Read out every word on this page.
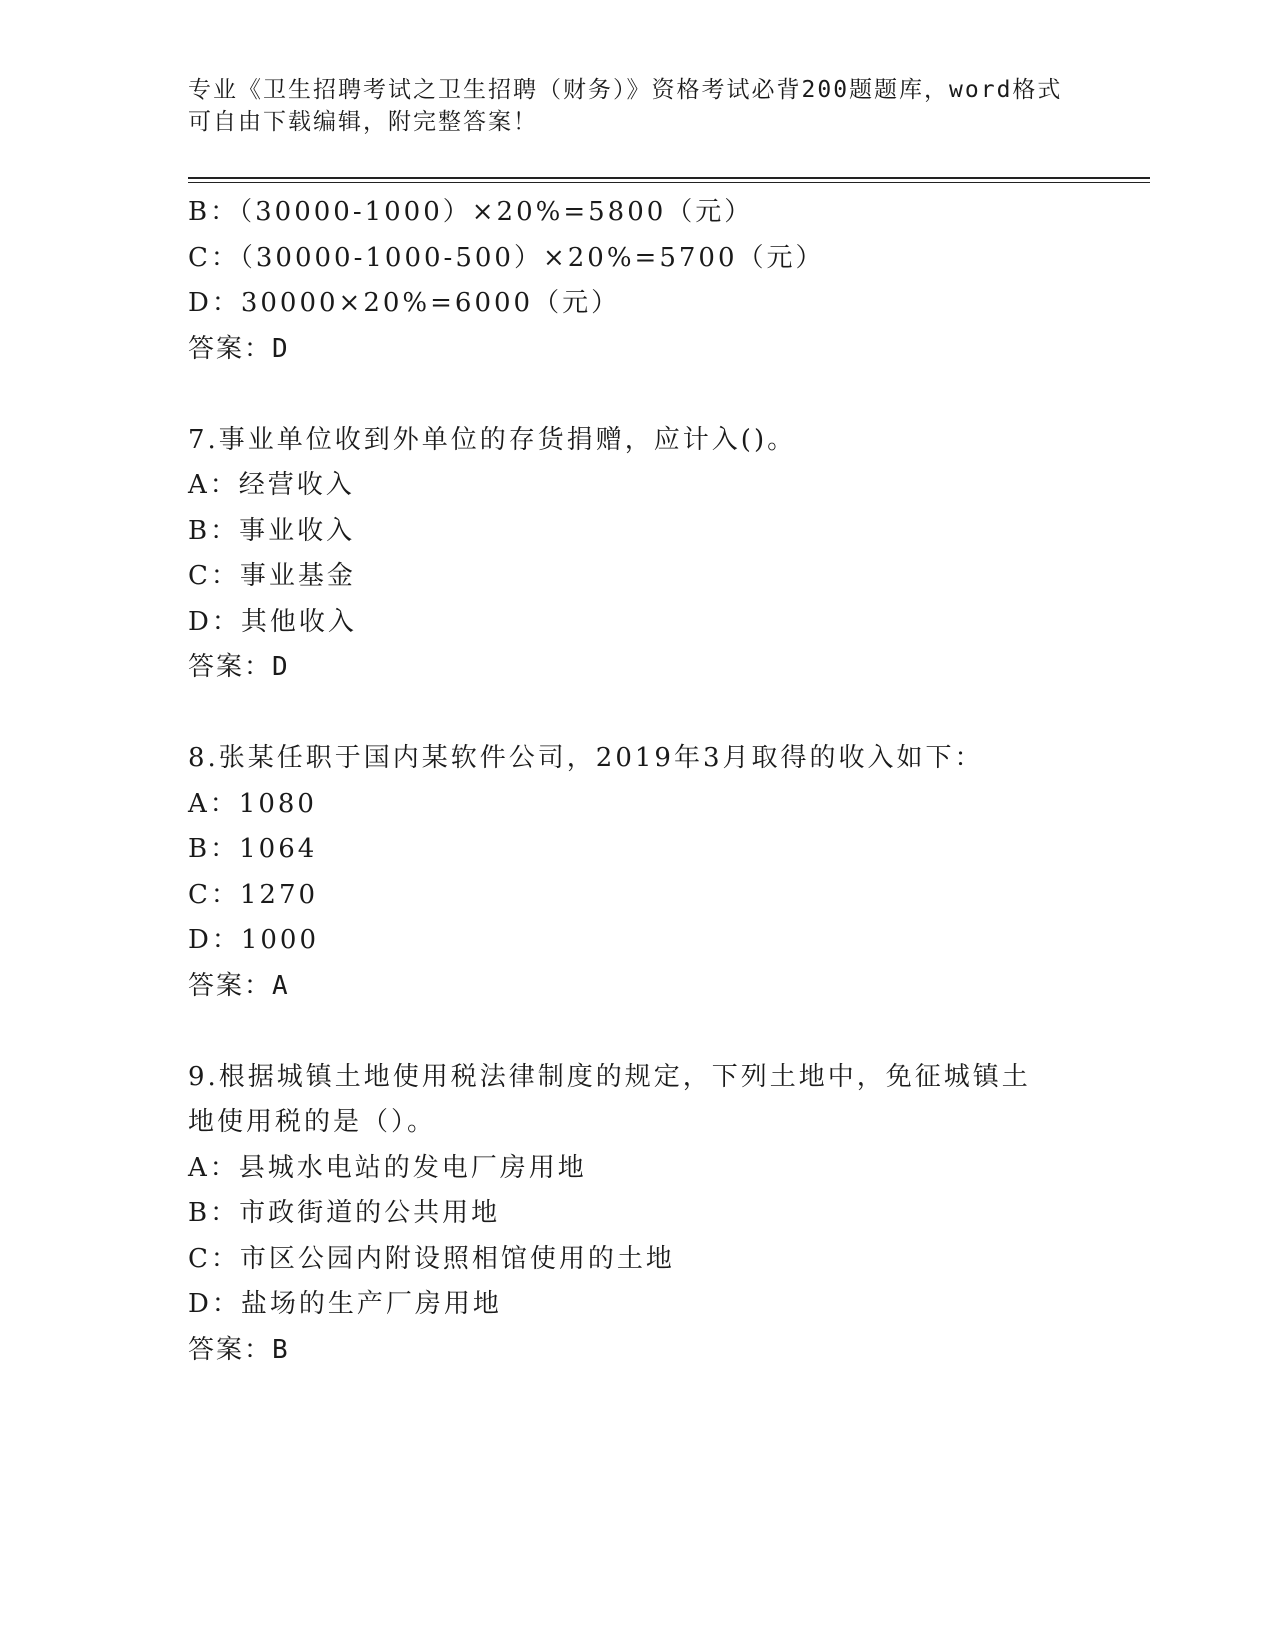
专业《卫生招聘考试之卫生招聘（财务）》资格考试必背200题题库，word格式
可自由下载编辑，附完整答案！
B：（30000-1000）×20%=5800（元）
C：（30000-1000-500）×20%=5700（元）
D：30000×20%=6000（元）
答案：D
7.事业单位收到外单位的存货捐赠，应计入()。
A：经营收入
B：事业收入
C：事业基金
D：其他收入
答案：D
8.张某任职于国内某软件公司，2019年3月取得的收入如下：
A：1080
B：1064
C：1270
D：1000
答案：A
9.根据城镇土地使用税法律制度的规定，下列土地中，免征城镇土地使用税的是（）。
A：县城水电站的发电厂房用地
B：市政街道的公共用地
C：市区公园内附设照相馆使用的土地
D：盐场的生产厂房用地
答案：B
